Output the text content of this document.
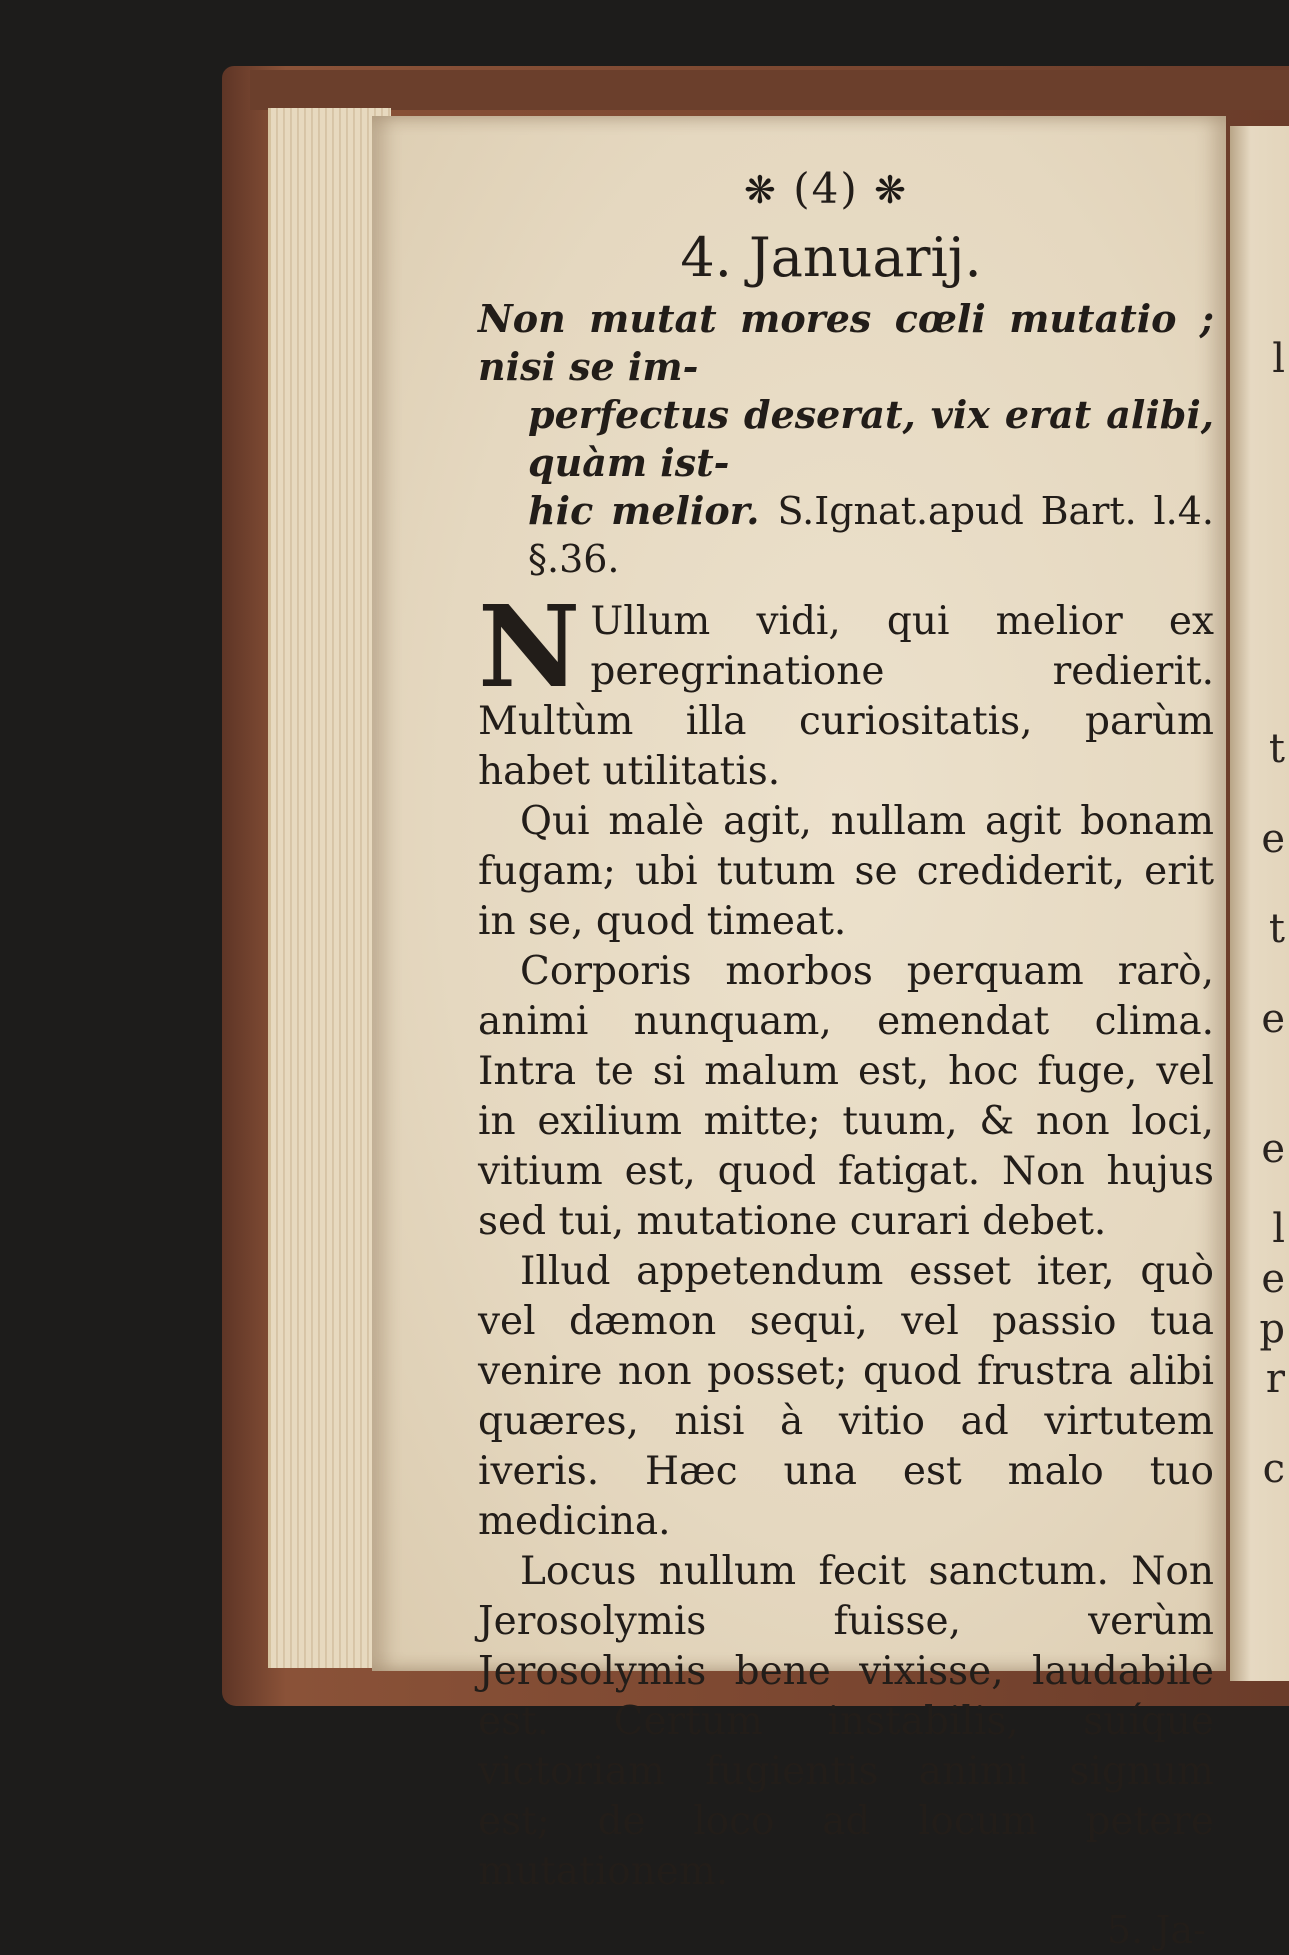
l
t
e
t
e
e
l
e
p
r
c
❋ (4) ❋
4. Januarij.
Non mutat mores cœli mutatio ; nisi se im-
perfectus deserat, vix erat alibi, quàm ist-
hic melior. S.Ignat.apud Bart. l.4. §.36.

N Ullum vidi, qui melior ex peregrinatione redierit. Multùm illa curiositatis, parùm habet utilitatis.

Qui malè agit, nullam agit bonam fugam; ubi tutum se crediderit, erit in se, quod timeat.

Corporis morbos perquam rarò, animi nunquam, emendat clima. Intra te si malum est, hoc fuge, vel in exilium mitte; tuum, & non loci, vitium est, quod fatigat. Non hujus sed tui, mutatione curari debet.

Illud appetendum esset iter, quò vel dæmon sequi, vel passio tua venire non posset; quod frustra alibi quæres, nisi à vitio ad virtutem iveris. Hæc una est malo tuo medicina.

Locus nullum fecit sanctum. Non Jerosolymis fuisse, verùm Jerosolymis bene vixisse, laudabile est. Certum instabilis, suíque victoriam fugientis animi signum est; de loco ad locum petere mutationem.

5. Ja-
